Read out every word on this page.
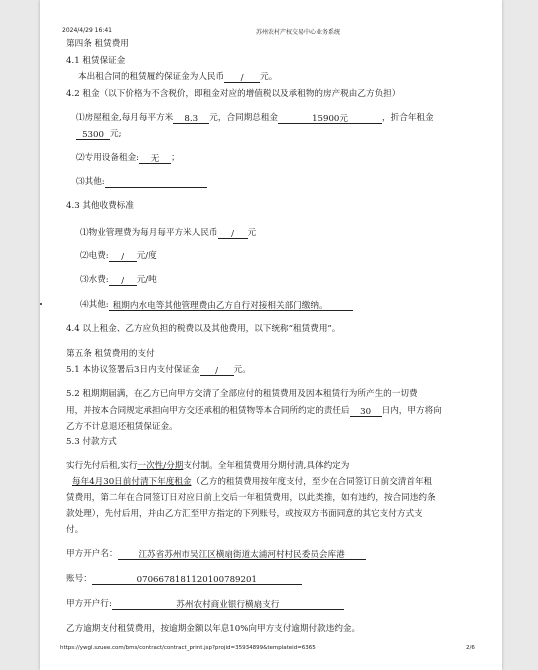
2024/4/29 16:41	苏州农村产权交易中心业务系统
第四条 租赁费用
4.1 租赁保证金
本出租合同的租赁履约保证金为人民币 / 元。
4.2 租金（以下价格为不含税价，即租金对应的增值税以及承租物的房产税由乙方负担）
⑴房屋租金,每月每平方米 8.3 元，合同期总租金	15900元	，折合年租金
5300 元;
⑵专用设备租金: 无 ；
⑶其他:
4.3 其他收费标准
⑴物业管理费为每月每平方米人民币 / 元
⑵电费: / 元/度
⑶水费: / 元/吨
⑷其他: 租期内水电等其他管理费由乙方自行对接相关部门缴纳。
4.4 以上租金、乙方应负担的税费以及其他费用，以下统称“租赁费用”。
第五条 租赁费用的支付
5.1 本协议签署后3日内支付保证金 / 元。
5.2 租期期届满，在乙方已向甲方交清了全部应付的租赁费用及因本租赁行为所产生的一切费
用，并按本合同规定承担向甲方交还承租的租赁物等本合同所约定的责任后 30 日内，甲方将向
乙方不计息退还租赁保证金。
5.3 付款方式
实行先付后租,实行一次性/分期支付制。全年租赁费用分期付清,具体约定为
每年4月30日前付清下年度租金（乙方的租赁费用按年度支付，至少在合同签订日前交清首年租
赁费用，第二年在合同签订日对应日前上交后一年租赁费用，以此类推，如有违约，按合同违约条
款处理），先付后用，并由乙方汇至甲方指定的下列账号，或按双方书面同意的其它支付方式支
付。
甲方开户名： 江苏省苏州市吴江区横扇街道太浦河村村民委员会库港
账号：	0706678181120100789201
甲方开户行:	苏州农村商业银行横扇支行
乙方逾期支付租赁费用，按逾期金额以年息10%向甲方支付逾期付款违约金。
https://ywgl.szuee.com/bms/contract/contract_print.jsp?projid=35934899&templateid=6365	2/6
